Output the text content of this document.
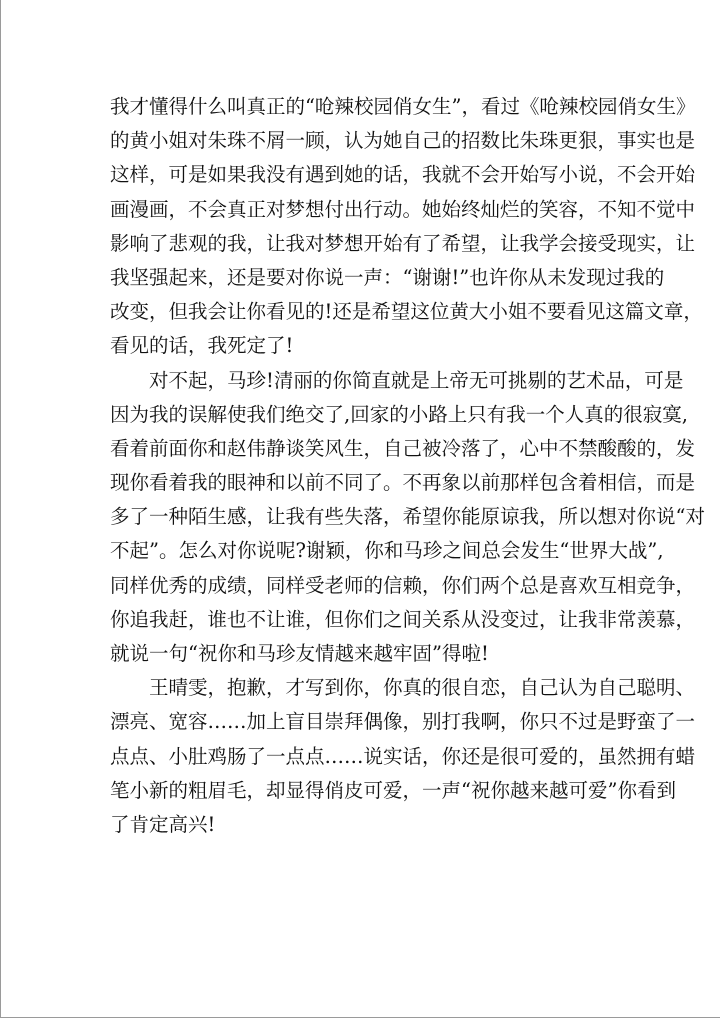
我才懂得什么叫真正的“呛辣校园俏女生”，看过《呛辣校园俏女生》
的黄小姐对朱珠不屑一顾，认为她自己的招数比朱珠更狠，事实也是
这样，可是如果我没有遇到她的话，我就不会开始写小说，不会开始
画漫画，不会真正对梦想付出行动。她始终灿烂的笑容，不知不觉中
影响了悲观的我，让我对梦想开始有了希望，让我学会接受现实，让
我坚强起来，还是要对你说一声：“谢谢!”也许你从未发现过我的
改变，但我会让你看见的!还是希望这位黄大小姐不要看见这篇文章，
看见的话，我死定了!
　　对不起，马珍!清丽的你简直就是上帝无可挑剔的艺术品，可是
因为我的误解使我们绝交了,回家的小路上只有我一个人真的很寂寞,
看着前面你和赵伟静谈笑风生，自己被冷落了，心中不禁酸酸的，发
现你看着我的眼神和以前不同了。不再象以前那样包含着相信，而是
多了一种陌生感，让我有些失落，希望你能原谅我，所以想对你说“对
不起”。怎么对你说呢?谢颖，你和马珍之间总会发生“世界大战”,
同样优秀的成绩，同样受老师的信赖，你们两个总是喜欢互相竞争，
你追我赶，谁也不让谁，但你们之间关系从没变过，让我非常羡慕，
就说一句“祝你和马珍友情越来越牢固”得啦!
　　王晴雯，抱歉，才写到你，你真的很自恋，自己认为自己聪明、
漂亮、宽容……加上盲目崇拜偶像，别打我啊，你只不过是野蛮了一
点点、小肚鸡肠了一点点……说实话，你还是很可爱的，虽然拥有蜡
笔小新的粗眉毛，却显得俏皮可爱，一声“祝你越来越可爱”你看到
了肯定高兴!
